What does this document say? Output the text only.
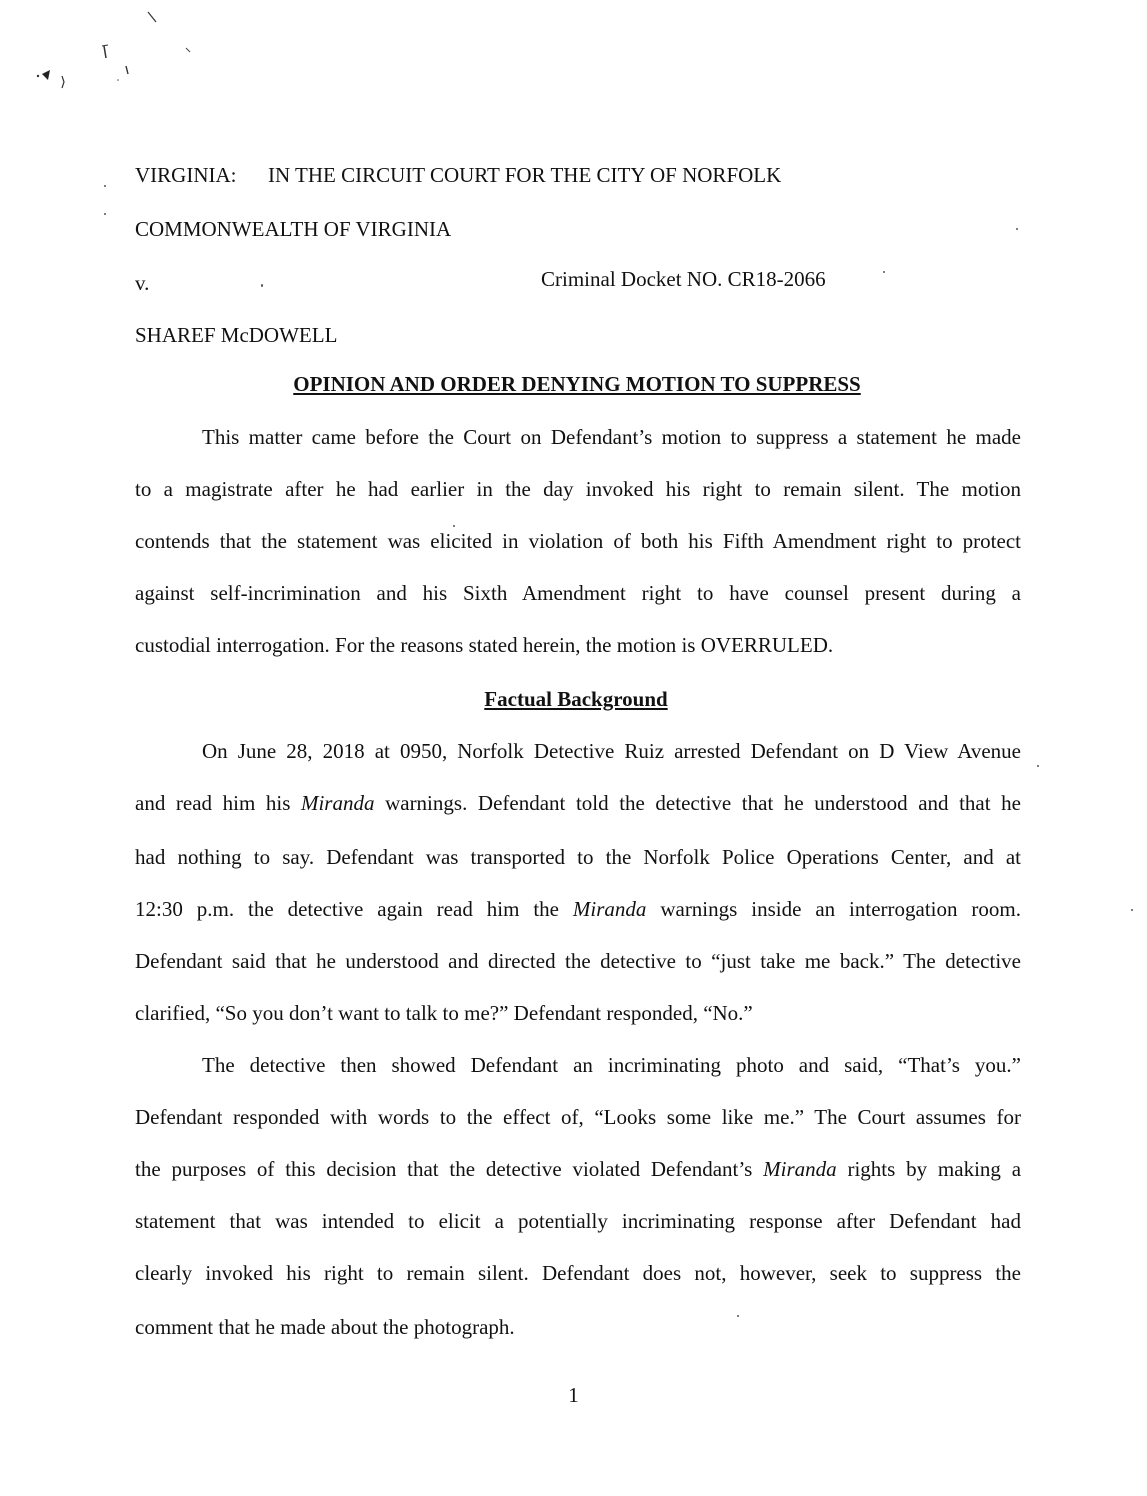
VIRGINIA: IN THE CIRCUIT COURT FOR THE CITY OF NORFOLK
COMMONWEALTH OF VIRGINIA
v.	Criminal Docket NO. CR18-2066
SHAREF McDOWELL
OPINION AND ORDER DENYING MOTION TO SUPPRESS
This matter came before the Court on Defendant’s motion to suppress a statement he made
to a magistrate after he had earlier in the day invoked his right to remain silent. The motion
contends that the statement was elicited in violation of both his Fifth Amendment right to protect
against self-incrimination and his Sixth Amendment right to have counsel present during a
custodial interrogation. For the reasons stated herein, the motion is OVERRULED.
Factual Background
On June 28, 2018 at 0950, Norfolk Detective Ruiz arrested Defendant on D View Avenue
and read him his Miranda warnings. Defendant told the detective that he understood and that he
had nothing to say. Defendant was transported to the Norfolk Police Operations Center, and at
12:30 p.m. the detective again read him the Miranda warnings inside an interrogation room.
Defendant said that he understood and directed the detective to “just take me back.” The detective
clarified, “So you don’t want to talk to me?” Defendant responded, “No.”
The detective then showed Defendant an incriminating photo and said, “That’s you.”
Defendant responded with words to the effect of, “Looks some like me.” The Court assumes for
the purposes of this decision that the detective violated Defendant’s Miranda rights by making a
statement that was intended to elicit a potentially incriminating response after Defendant had
clearly invoked his right to remain silent. Defendant does not, however, seek to suppress the
comment that he made about the photograph.
1
